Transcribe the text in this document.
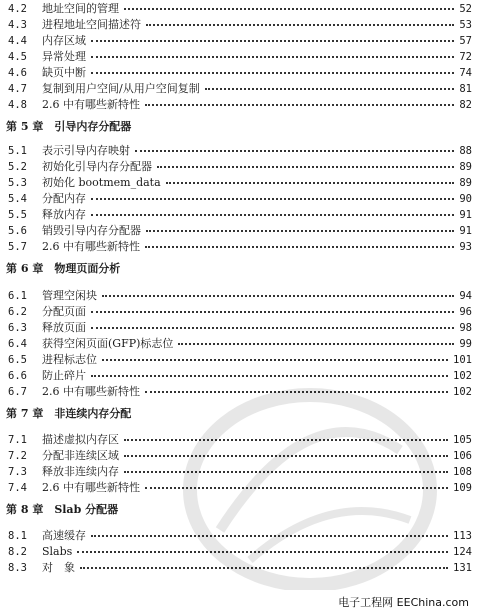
4.2	地址空间的管理	52
4.3	进程地址空间描述符	53
4.4	内存区域	57
4.5	异常处理	72
4.6	缺页中断	74
4.7	复制到用户空间/从用户空间复制	81
4.8	2.6 中有哪些新特性	82
第 5 章　引导内存分配器
5.1	表示引导内存映射	88
5.2	初始化引导内存分配器	89
5.3	初始化 bootmem_data	89
5.4	分配内存	90
5.5	释放内存	91
5.6	销毁引导内存分配器	91
5.7	2.6 中有哪些新特性	93
第 6 章　物理页面分析
6.1	管理空闲块	94
6.2	分配页面	96
6.3	释放页面	98
6.4	获得空闲页面(GFP)标志位	99
6.5	进程标志位	101
6.6	防止碎片	102
6.7	2.6 中有哪些新特性	102
第 7 章　非连续内存分配
7.1	描述虚拟内存区	105
7.2	分配非连续区域	106
7.3	释放非连续内存	108
7.4	2.6 中有哪些新特性	109
第 8 章　Slab 分配器
8.1	高速缓存	113
8.2	Slabs	124
8.3	对　象	131
电子工程网 EEChina.com
